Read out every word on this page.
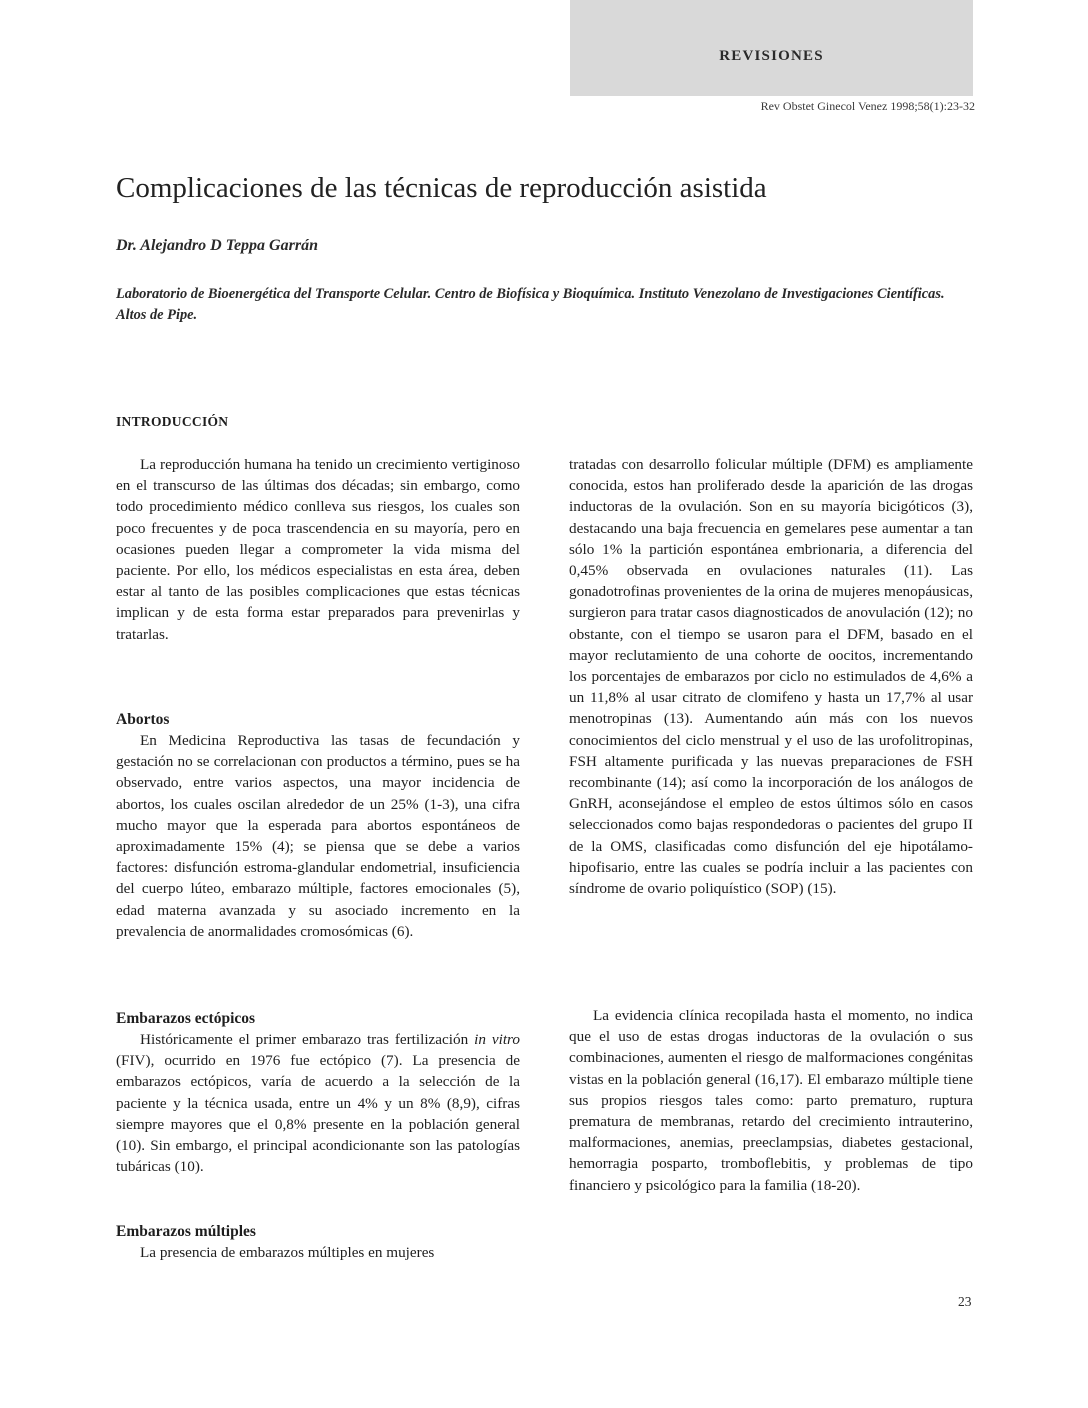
REVISIONES
Rev Obstet Ginecol Venez 1998;58(1):23-32
Complicaciones de las técnicas de reproducción asistida
Dr. Alejandro D Teppa Garrán
Laboratorio de Bioenergética del Transporte Celular. Centro de Biofísica y Bioquímica. Instituto Venezolano de Investigaciones Científicas. Altos de Pipe.
INTRODUCCIÓN

La reproducción humana ha tenido un crecimiento vertiginoso en el transcurso de las últimas dos décadas; sin embargo, como todo procedimiento médico conlleva sus riesgos, los cuales son poco frecuentes y de poca trascendencia en su mayoría, pero en ocasiones pueden llegar a comprometer la vida misma del paciente. Por ello, los médicos especialistas en esta área, deben estar al tanto de las posibles complicaciones que estas técnicas implican y de esta forma estar preparados para prevenirlas y tratarlas.

Abortos

En Medicina Reproductiva las tasas de fecundación y gestación no se correlacionan con productos a término, pues se ha observado, entre varios aspectos, una mayor incidencia de abortos, los cuales oscilan alrededor de un 25% (1-3), una cifra mucho mayor que la esperada para abortos espontáneos de aproximadamente 15% (4); se piensa que se debe a varios factores: disfunción estroma-glandular endometrial, insuficiencia del cuerpo lúteo, embarazo múltiple, factores emocionales (5), edad materna avanzada y su asociado incremento en la prevalencia de anormalidades cromosómicas (6).

Embarazos ectópicos

Históricamente el primer embarazo tras fertilización in vitro (FIV), ocurrido en 1976 fue ectópico (7). La presencia de embarazos ectópicos, varía de acuerdo a la selección de la paciente y la técnica usada, entre un 4% y un 8% (8,9), cifras siempre mayores que el 0,8% presente en la población general (10). Sin embargo, el principal acondicionante son las patologías tubáricas (10).

Embarazos múltiples

La presencia de embarazos múltiples en mujeres

tratadas con desarrollo folicular múltiple (DFM) es ampliamente conocida, estos han proliferado desde la aparición de las drogas inductoras de la ovulación. Son en su mayoría bicigóticos (3), destacando una baja frecuencia en gemelares pese aumentar a tan sólo 1% la partición espontánea embrionaria, a diferencia del 0,45% observada en ovulaciones naturales (11). Las gonadotrofinas provenientes de la orina de mujeres menopáusicas, surgieron para tratar casos diagnosticados de anovulación (12); no obstante, con el tiempo se usaron para el DFM, basado en el mayor reclutamiento de una cohorte de oocitos, incrementando los porcentajes de embarazos por ciclo no estimulados de 4,6% a un 11,8% al usar citrato de clomifeno y hasta un 17,7% al usar menotropinas (13). Aumentando aún más con los nuevos conocimientos del ciclo menstrual y el uso de las urofolitropinas, FSH altamente purificada y las nuevas preparaciones de FSH recombinante (14); así como la incorporación de los análogos de GnRH, aconsejándose el empleo de estos últimos sólo en casos seleccionados como bajas respondedoras o pacientes del grupo II de la OMS, clasificadas como disfunción del eje hipotálamo-hipofisario, entre las cuales se podría incluir a las pacientes con síndrome de ovario poliquístico (SOP) (15).

La evidencia clínica recopilada hasta el momento, no indica que el uso de estas drogas inductoras de la ovulación o sus combinaciones, aumenten el riesgo de malformaciones congénitas vistas en la población general (16,17). El embarazo múltiple tiene sus propios riesgos tales como: parto prematuro, ruptura prematura de membranas, retardo del crecimiento intrauterino, malformaciones, anemias, preeclampsias, diabetes gestacional, hemorragia posparto, tromboflebitis, y problemas de tipo financiero y psicológico para la familia (18-20).

23
